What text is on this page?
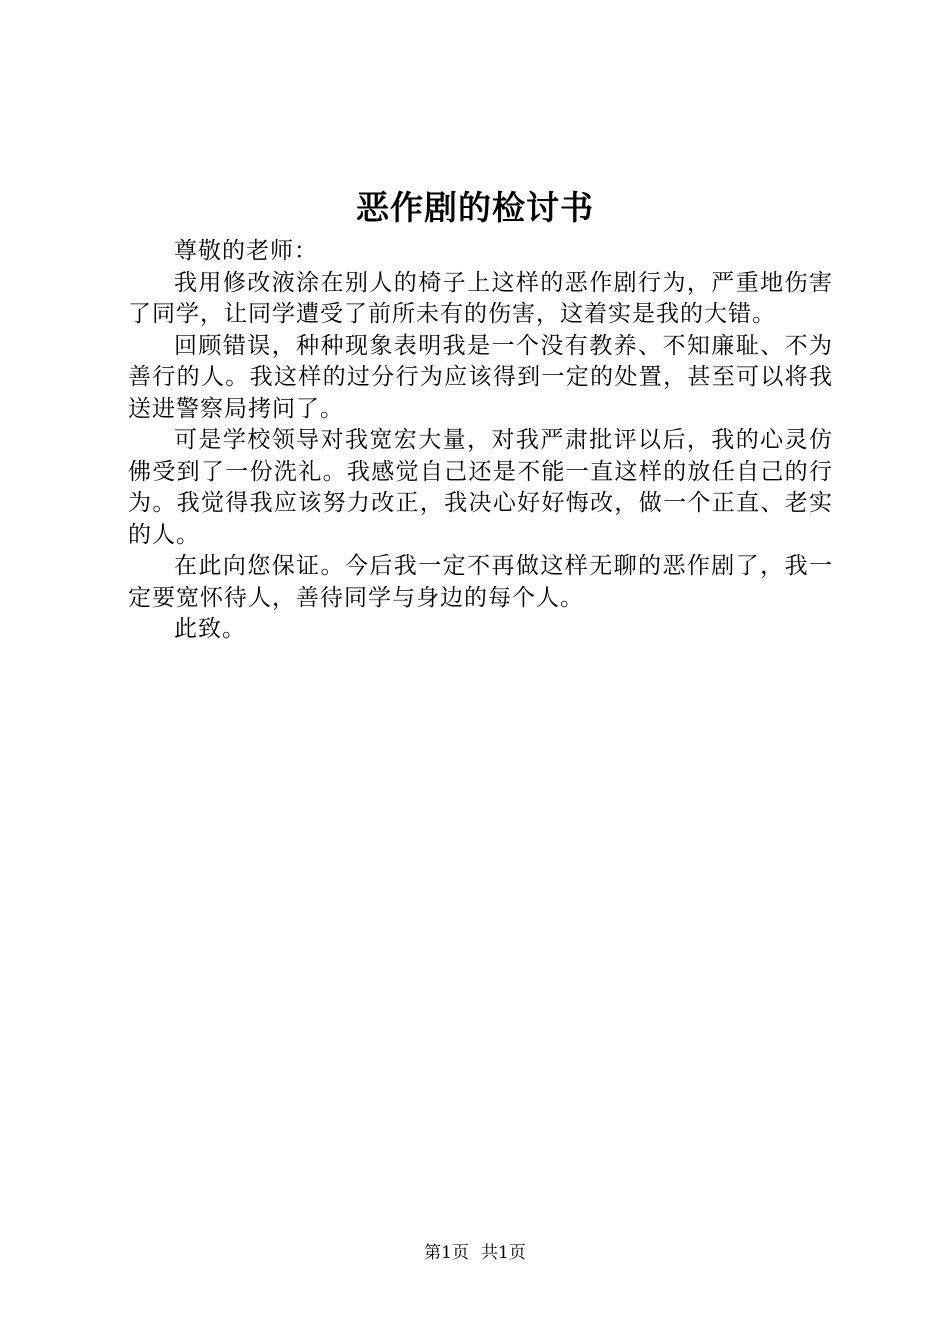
恶作剧的检讨书

尊敬的老师：

我用修改液涂在别人的椅子上这样的恶作剧行为，严重地伤害了同学，让同学遭受了前所未有的伤害，这着实是我的大错。

回顾错误，种种现象表明我是一个没有教养、不知廉耻、不为善行的人。我这样的过分行为应该得到一定的处置，甚至可以将我送进警察局拷问了。

可是学校领导对我宽宏大量，对我严肃批评以后，我的心灵仿佛受到了一份洗礼。我感觉自己还是不能一直这样的放任自己的行为。我觉得我应该努力改正，我决心好好悔改，做一个正直、老实的人。

在此向您保证。今后我一定不再做这样无聊的恶作剧了，我一定要宽怀待人，善待同学与身边的每个人。

此致。

第1页 共1页
